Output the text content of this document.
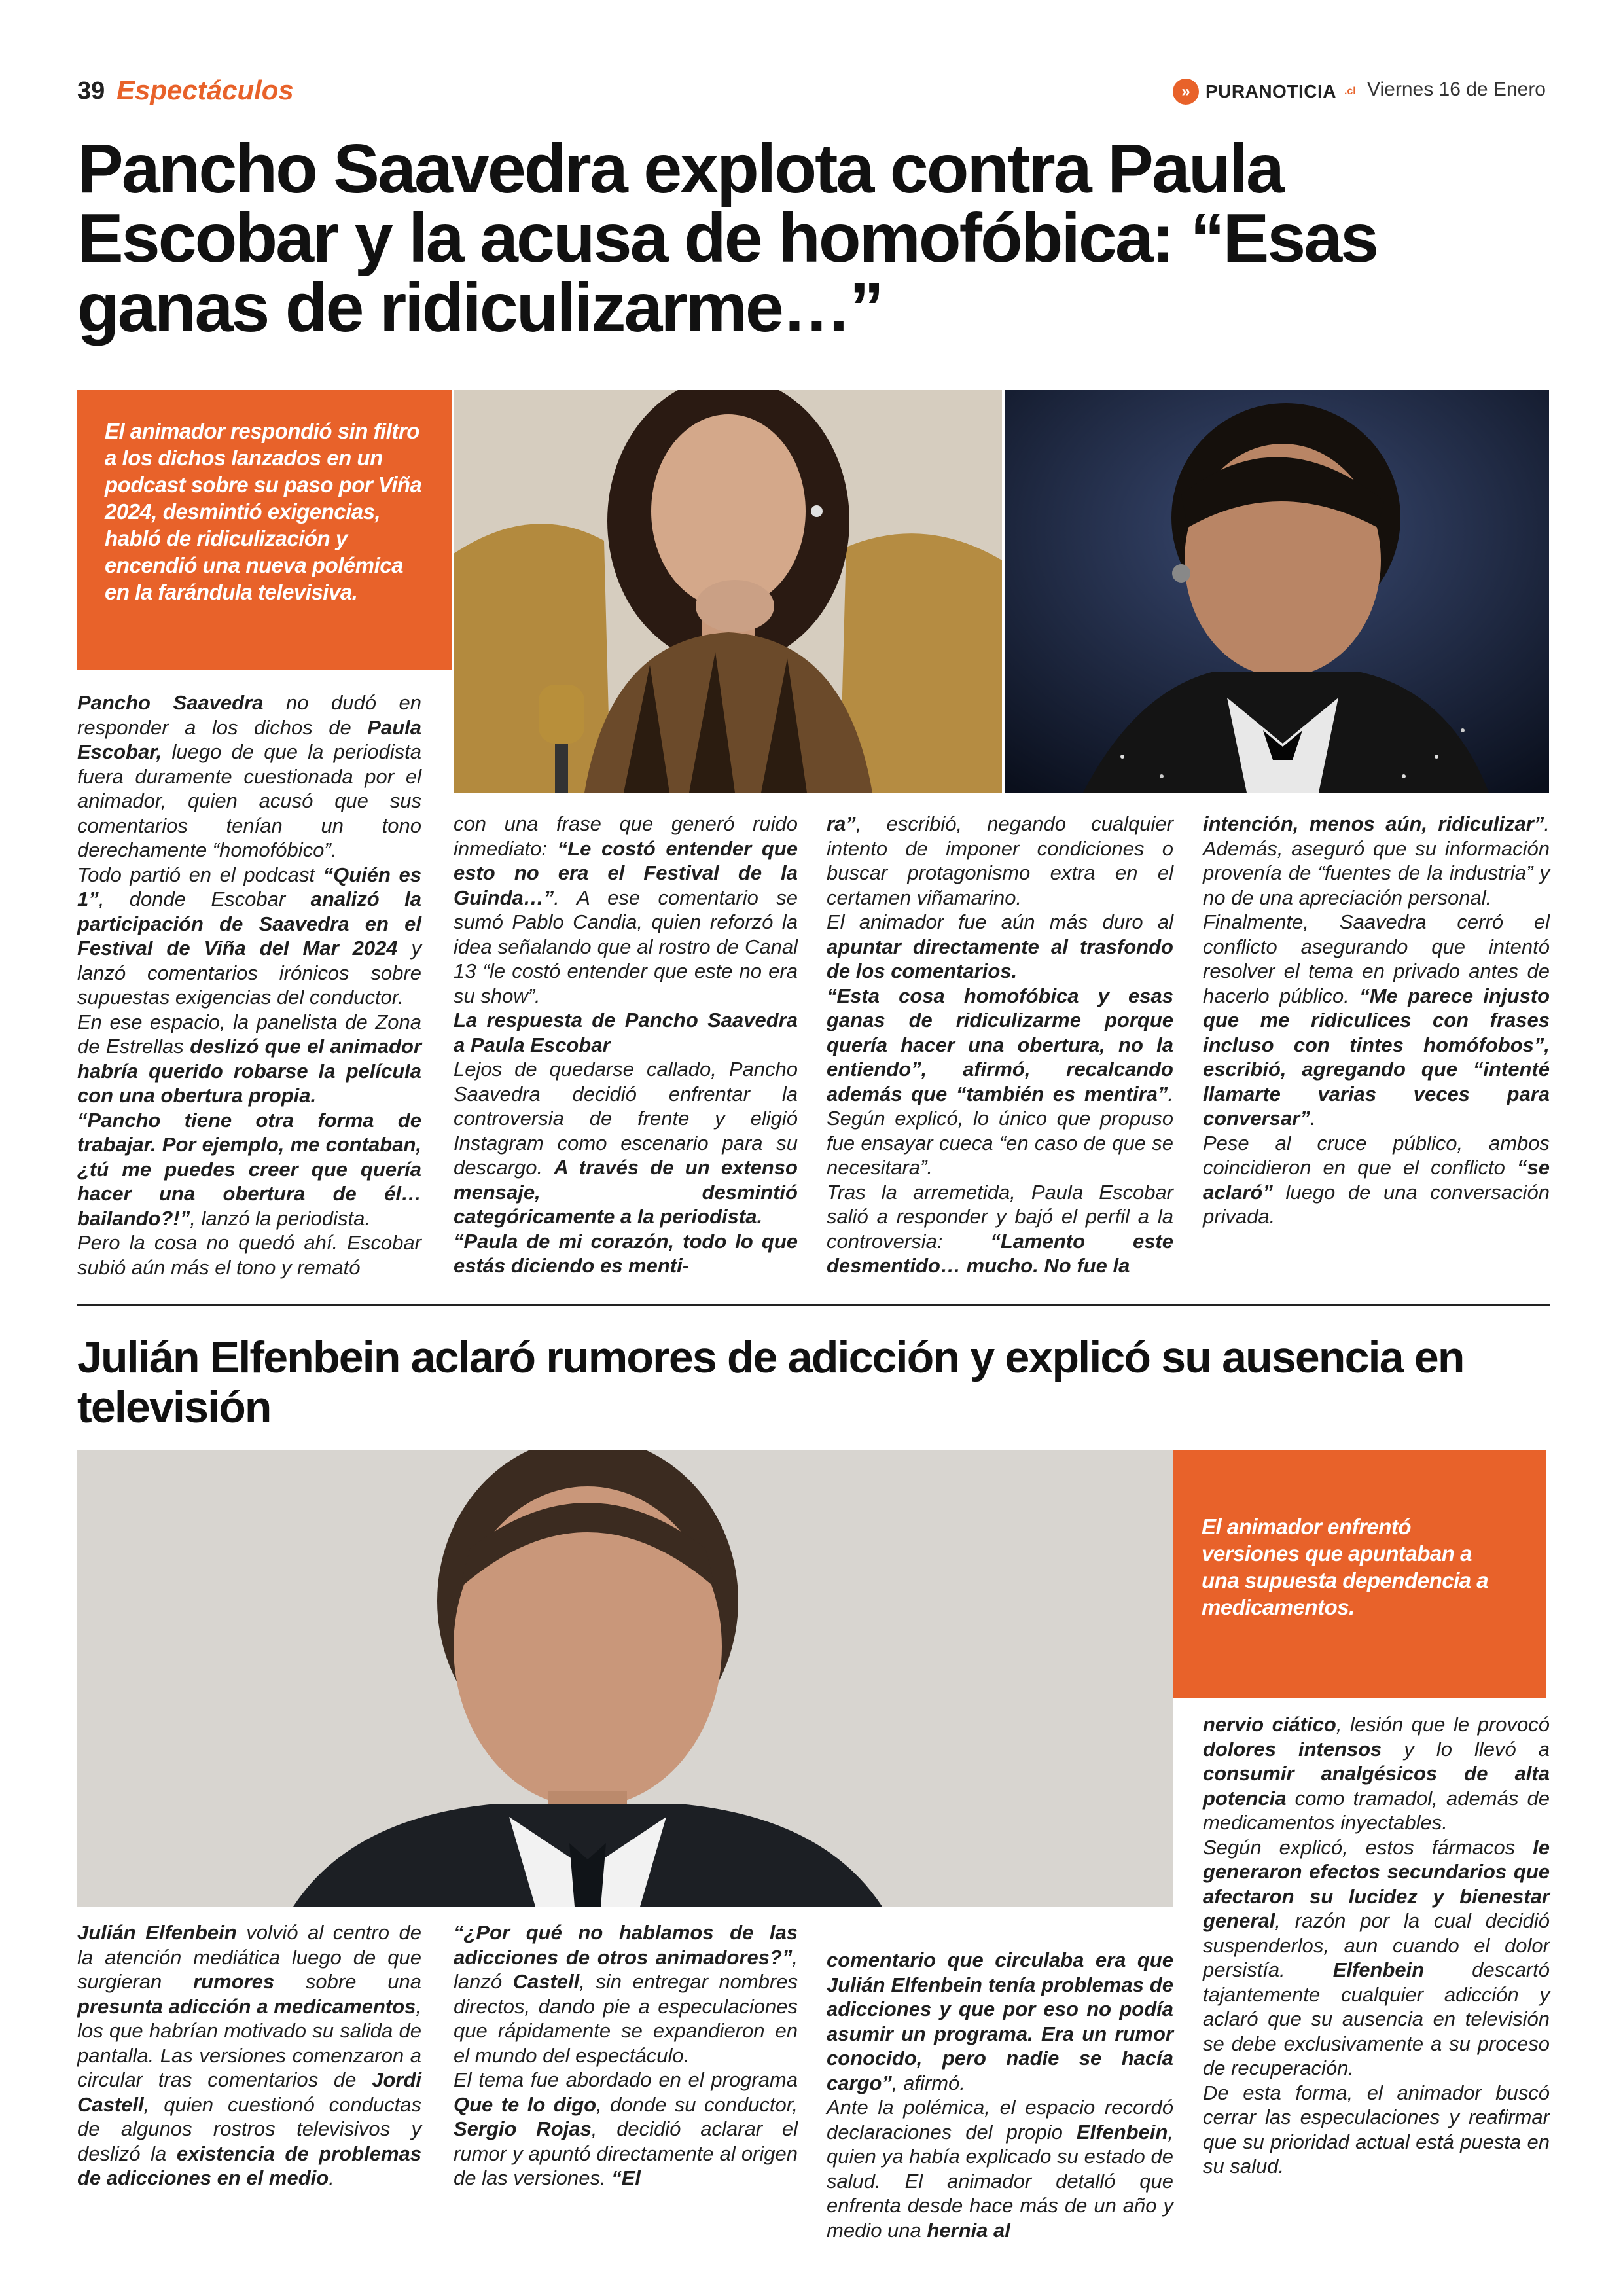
39 Espectáculos	» PURANOTICIA .cl Viernes 16 de Enero
Pancho Saavedra explota contra Paula Escobar y la acusa de homofóbica: “Esas ganas de ridiculizarme…”
El animador respondió sin filtro a los dichos lanzados en un podcast sobre su paso por Viña 2024, desmintió exigencias, habló de ridiculización y encendió una nueva polémica en la farándula televisiva.
Pancho Saavedra no dudó en responder a los dichos de Paula Escobar, luego de que la periodista fuera duramente cuestionada por el animador, quien acusó que sus comentarios tenían un tono derechamente “homofóbico”.
Todo partió en el podcast “Quién es 1”, donde Escobar analizó la participación de Saavedra en el Festival de Viña del Mar 2024 y lanzó comentarios irónicos sobre supuestas exigencias del conductor.
En ese espacio, la panelista de Zona de Estrellas deslizó que el animador habría querido robarse la película con una obertura propia.
“Pancho tiene otra forma de trabajar. Por ejemplo, me contaban, ¿tú me puedes creer que quería hacer una obertura de él… bailando?!”, lanzó la periodista.
Pero la cosa no quedó ahí. Escobar subió aún más el tono y remató
con una frase que generó ruido inmediato: “Le costó entender que esto no era el Festival de la Guinda…”. A ese comentario se sumó Pablo Candia, quien reforzó la idea señalando que al rostro de Canal 13 “le costó entender que este no era su show”.
La respuesta de Pancho Saavedra a Paula Escobar
Lejos de quedarse callado, Pancho Saavedra decidió enfrentar la controversia de frente y eligió Instagram como escenario para su descargo. A través de un extenso mensaje, desmintió categóricamente a la periodista.
“Paula de mi corazón, todo lo que estás diciendo es menti-
ra”, escribió, negando cualquier intento de imponer condiciones o buscar protagonismo extra en el certamen viñamarino.
El animador fue aún más duro al apuntar directamente al trasfondo de los comentarios.
“Esta cosa homofóbica y esas ganas de ridiculizarme porque quería hacer una obertura, no la entiendo”, afirmó, recalcando además que “también es mentira”. Según explicó, lo único que propuso fue ensayar cueca “en caso de que se necesitara”.
Tras la arremetida, Paula Escobar salió a responder y bajó el perfil a la controversia: “Lamento este desmentido… mucho. No fue la
intención, menos aún, ridiculizar”. Además, aseguró que su información provenía de “fuentes de la industria” y no de una apreciación personal.
Finalmente, Saavedra cerró el conflicto asegurando que intentó resolver el tema en privado antes de hacerlo público. “Me parece injusto que me ridiculices con frases incluso con tintes homófobos”, escribió, agregando que “intenté llamarte varias veces para conversar”.
Pese al cruce público, ambos coincidieron en que el conflicto “se aclaró” luego de una conversación privada.
Julián Elfenbein aclaró rumores de adicción y explicó su ausencia en televisión
El animador enfrentó versiones que apuntaban a una supuesta dependencia a medicamentos.
Julián Elfenbein volvió al centro de la atención mediática luego de que surgieran rumores sobre una presunta adicción a medicamentos, los que habrían motivado su salida de pantalla. Las versiones comenzaron a circular tras comentarios de Jordi Castell, quien cuestionó conductas de algunos rostros televisivos y deslizó la existencia de problemas de adicciones en el medio.
“¿Por qué no hablamos de las adicciones de otros animadores?”, lanzó Castell, sin entregar nombres directos, dando pie a especulaciones que rápidamente se expandieron en el mundo del espectáculo.
El tema fue abordado en el programa Que te lo digo, donde su conductor, Sergio Rojas, decidió aclarar el rumor y apuntó directamente al origen de las versiones. “El
comentario que circulaba era que Julián Elfenbein tenía problemas de adicciones y que por eso no podía asumir un programa. Era un rumor conocido, pero nadie se hacía cargo”, afirmó.
Ante la polémica, el espacio recordó declaraciones del propio Elfenbein, quien ya había explicado su estado de salud. El animador detalló que enfrenta desde hace más de un año y medio una hernia al
nervio ciático, lesión que le provocó dolores intensos y lo llevó a consumir analgésicos de alta potencia como tramadol, además de medicamentos inyectables.
Según explicó, estos fármacos le generaron efectos secundarios que afectaron su lucidez y bienestar general, razón por la cual decidió suspenderlos, aun cuando el dolor persistía. Elfenbein descartó tajantemente cualquier adicción y aclaró que su ausencia en televisión se debe exclusivamente a su proceso de recuperación.
De esta forma, el animador buscó cerrar las especulaciones y reafirmar que su prioridad actual está puesta en su salud.
